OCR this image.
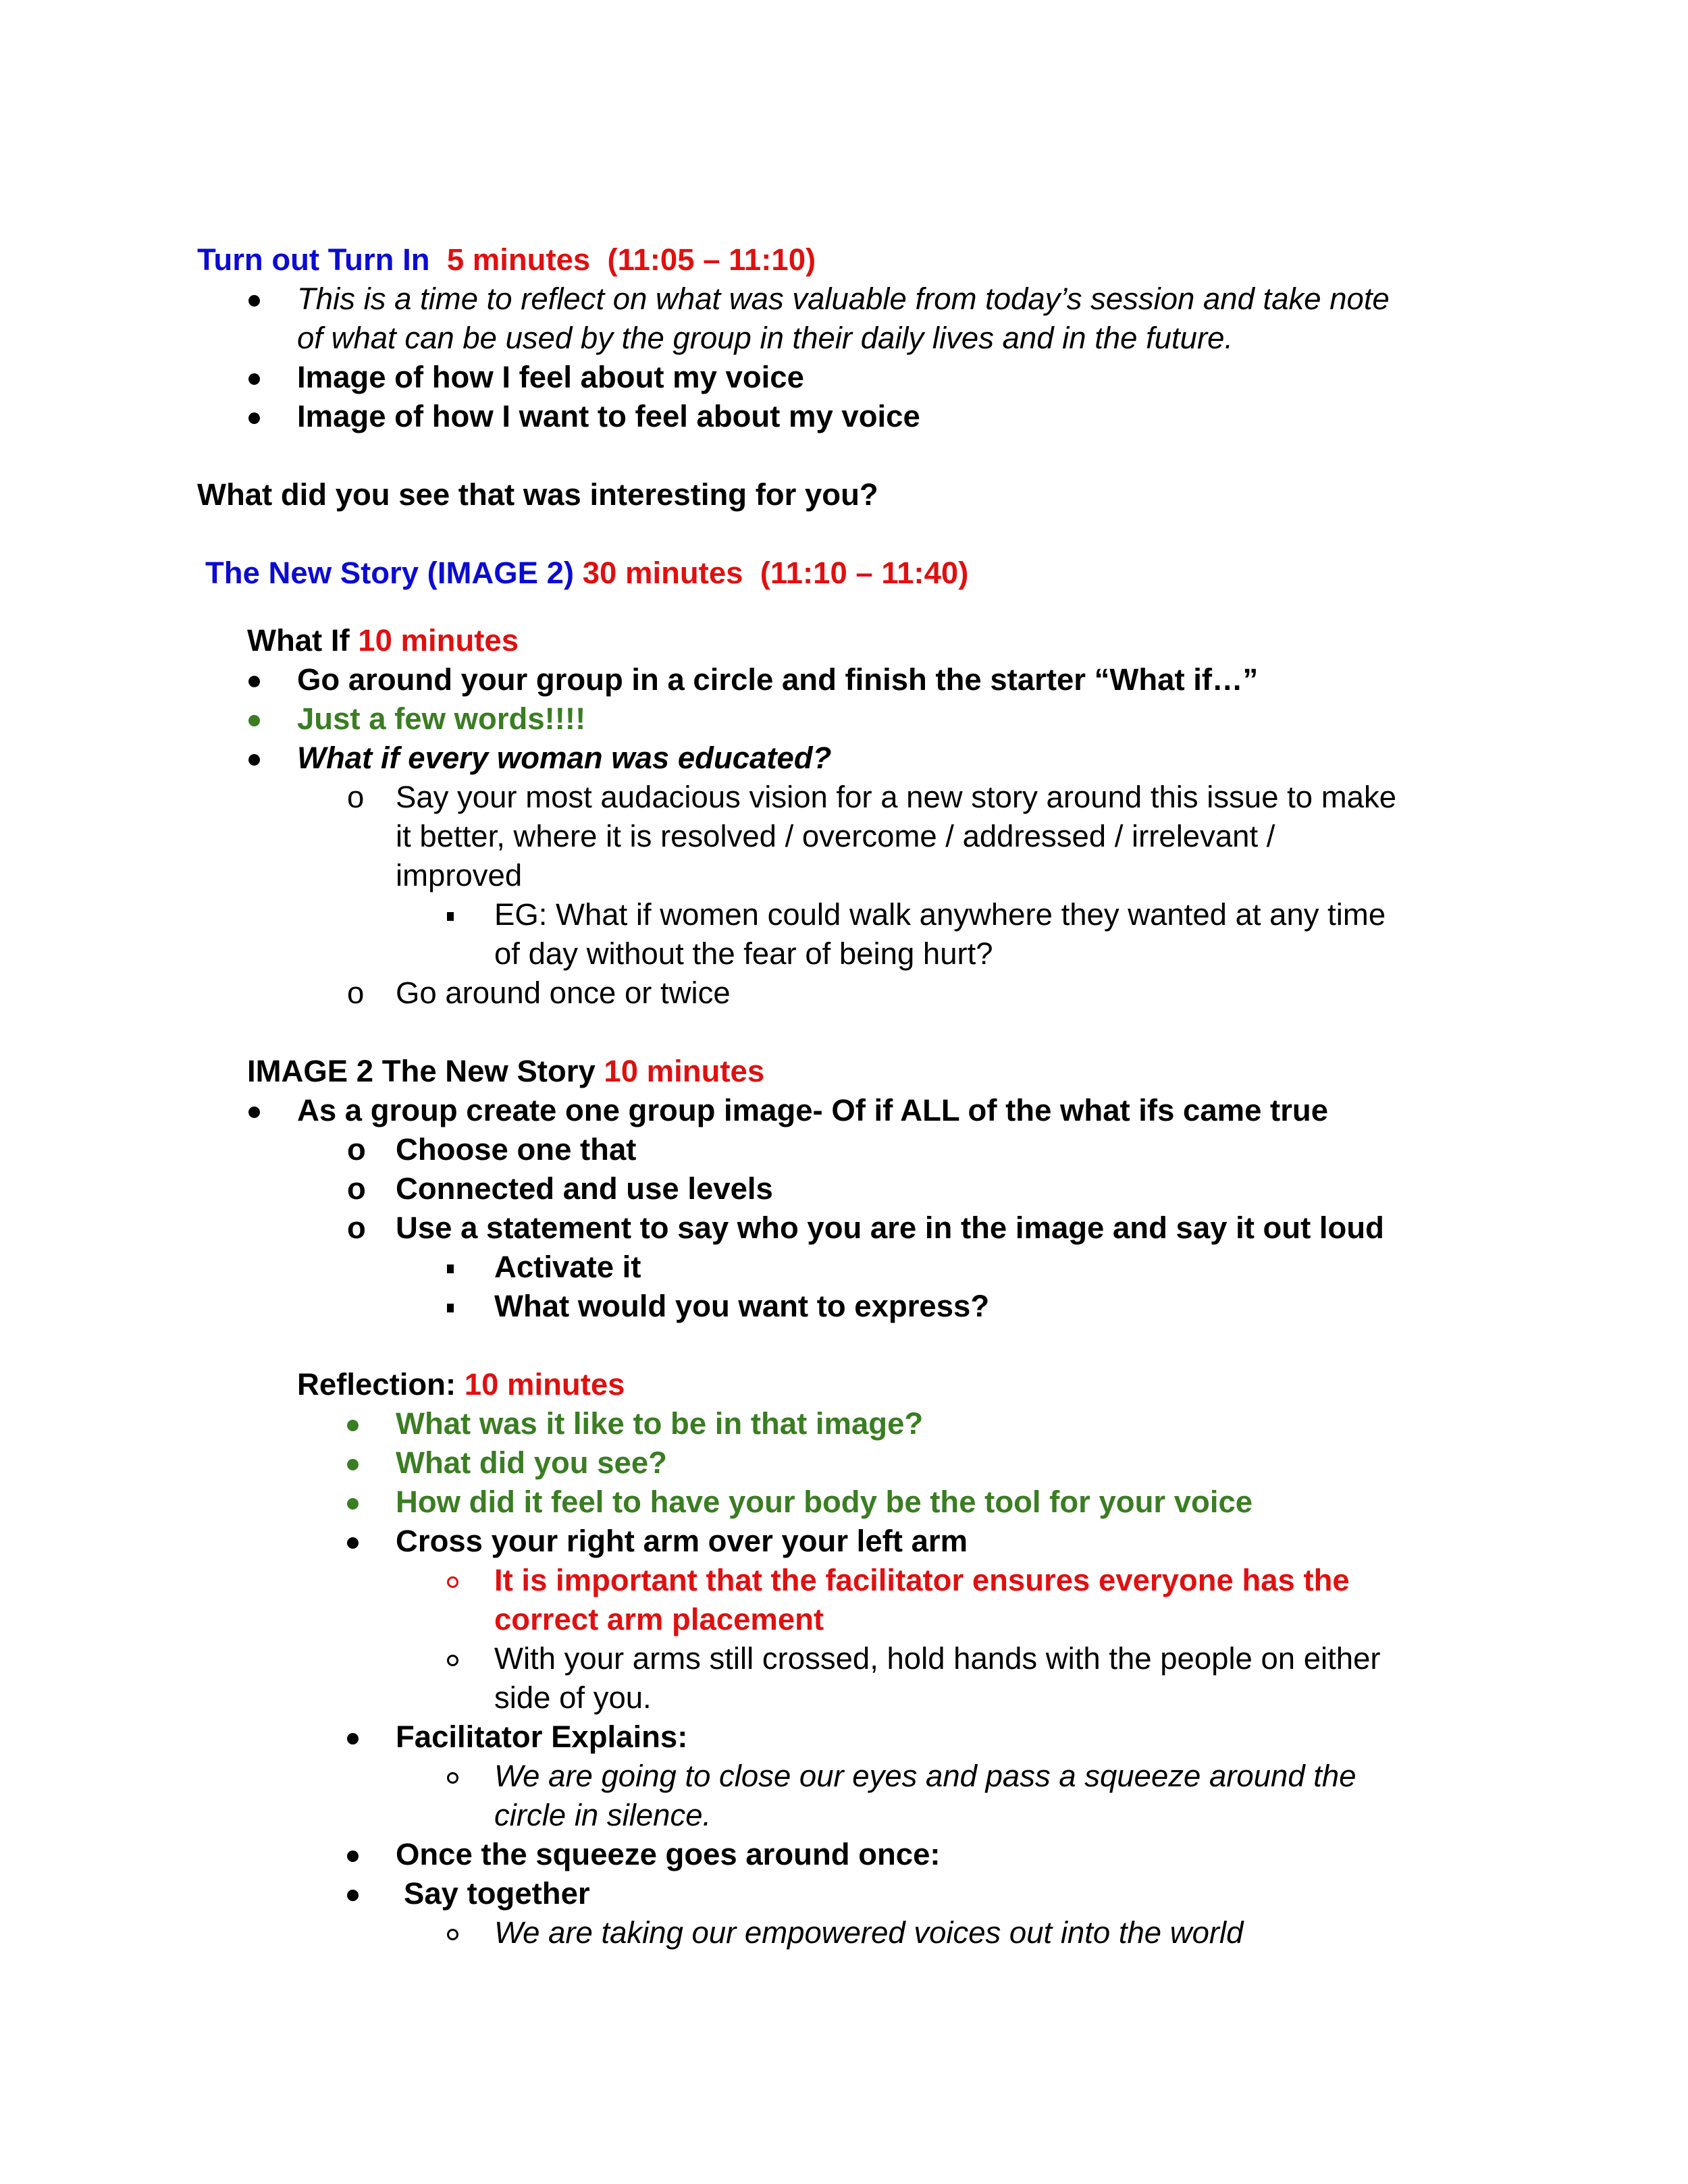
Turn out Turn In 5 minutes (11:05 – 11:10)
This is a time to reflect on what was valuable from today’s session and take note
of what can be used by the group in their daily lives and in the future.
Image of how I feel about my voice
Image of how I want to feel about my voice
What did you see that was interesting for you?
The New Story (IMAGE 2) 30 minutes (11:10 – 11:40)
What If 10 minutes
Go around your group in a circle and finish the starter “What if…”
Just a few words!!!!
What if every woman was educated?
o Say your most audacious vision for a new story around this issue to make
it better, where it is resolved / overcome / addressed / irrelevant /
improved
EG: What if women could walk anywhere they wanted at any time
of day without the fear of being hurt?
o Go around once or twice
IMAGE 2 The New Story 10 minutes
As a group create one group image- Of if ALL of the what ifs came true
o Choose one that
o Connected and use levels
o Use a statement to say who you are in the image and say it out loud
Activate it
What would you want to express?
Reflection: 10 minutes
What was it like to be in that image?
What did you see?
How did it feel to have your body be the tool for your voice
Cross your right arm over your left arm
It is important that the facilitator ensures everyone has the
correct arm placement
With your arms still crossed, hold hands with the people on either
side of you.
Facilitator Explains:
We are going to close our eyes and pass a squeeze around the
circle in silence.
Once the squeeze goes around once:
Say together
We are taking our empowered voices out into the world
